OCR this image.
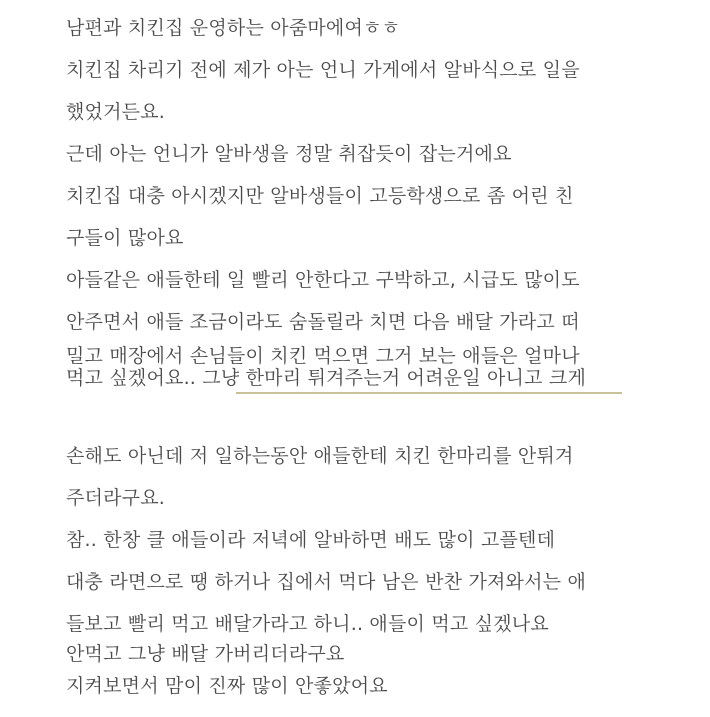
남편과 치킨집 운영하는 아줌마에여ㅎㅎ
치킨집 차리기 전에 제가 아는 언니 가게에서 알바식으로 일을
했었거든요.
근데 아는 언니가 알바생을 정말 취잡듯이 잡는거에요
치킨집 대충 아시겠지만 알바생들이 고등학생으로 좀 어린 친
구들이 많아요
아들같은 애들한테 일 빨리 안한다고 구박하고, 시급도 많이도
안주면서 애들 조금이라도 숨돌릴라 치면 다음 배달 가라고 떠
밀고 매장에서 손님들이 치킨 먹으면 그거 보는 애들은 얼마나
먹고 싶겠어요.. 그냥 한마리 튀겨주는거 어려운일 아니고 크게
손해도 아닌데 저 일하는동안 애들한테 치킨 한마리를 안튀겨
주더라구요.
참.. 한창 클 애들이라 저녁에 알바하면 배도 많이 고플텐데
대충 라면으로 땡 하거나 집에서 먹다 남은 반찬 가져와서는 애
들보고 빨리 먹고 배달가라고 하니.. 애들이 먹고 싶겠나요
안먹고 그냥 배달 가버리더라구요
지켜보면서 맘이 진짜 많이 안좋았어요
